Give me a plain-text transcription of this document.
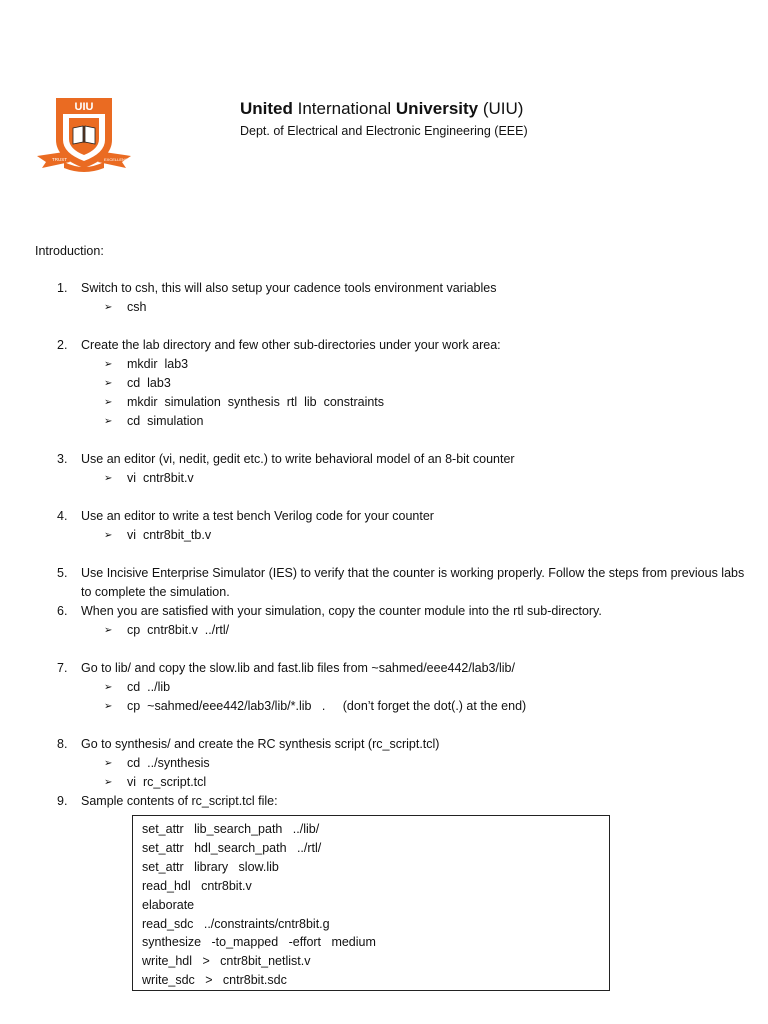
UIU
TRUST	EXCELLENCE
United International University (UIU)
Dept. of Electrical and Electronic Engineering (EEE)
Introduction:
1. Switch to csh, this will also setup your cadence tools environment variables
➢ csh
2. Create the lab directory and few other sub-directories under your work area:
➢ mkdir  lab3
➢ cd  lab3
➢ mkdir  simulation  synthesis  rtl  lib  constraints
➢ cd  simulation
3. Use an editor (vi, nedit, gedit etc.) to write behavioral model of an 8-bit counter
➢ vi  cntr8bit.v
4. Use an editor to write a test bench Verilog code for your counter
➢ vi  cntr8bit_tb.v
5. Use Incisive Enterprise Simulator (IES) to verify that the counter is working properly. Follow the steps from previous labs to complete the simulation.
6. When you are satisfied with your simulation, copy the counter module into the rtl sub-directory.
➢ cp  cntr8bit.v  ../rtl/
7. Go to lib/ and copy the slow.lib and fast.lib files from ~sahmed/eee442/lab3/lib/
➢ cd  ../lib
➢ cp  ~sahmed/eee442/lab3/lib/*.lib   .     (don’t forget the dot(.) at the end)
8. Go to synthesis/ and create the RC synthesis script (rc_script.tcl)
➢ cd  ../synthesis
➢ vi  rc_script.tcl
9. Sample contents of rc_script.tcl file:
set_attr   lib_search_path   ../lib/
set_attr   hdl_search_path   ../rtl/
set_attr   library   slow.lib
read_hdl   cntr8bit.v
elaborate
read_sdc   ../constraints/cntr8bit.g
synthesize   -to_mapped   -effort   medium
write_hdl   >   cntr8bit_netlist.v
write_sdc   >   cntr8bit.sdc
